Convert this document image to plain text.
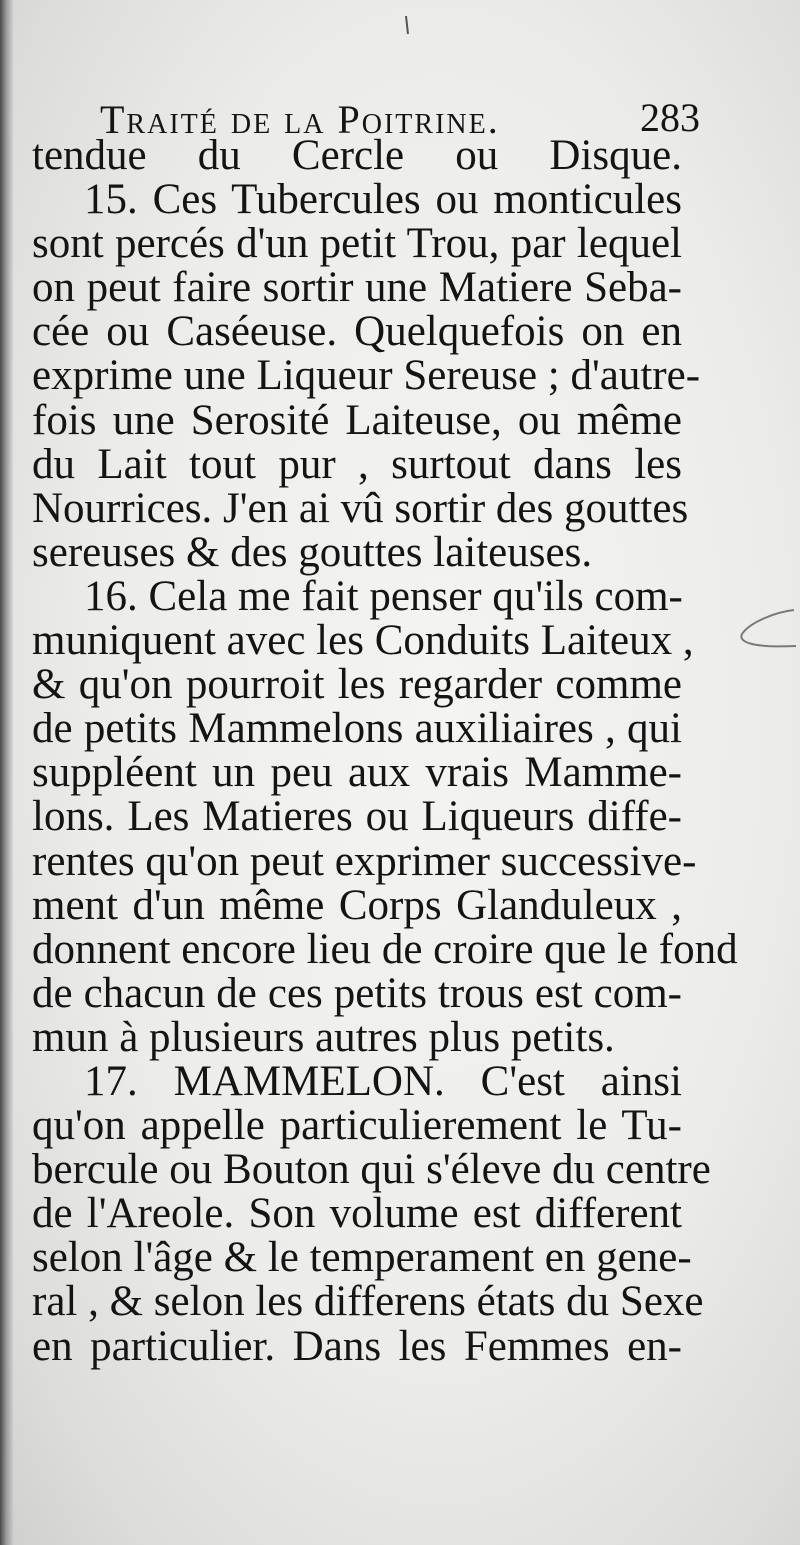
Traité de la Poitrine.	283
tendue du Cercle ou Disque.
15. Ces Tubercules ou monticules
sont percés d'un petit Trou, par lequel
on peut faire sortir une Matiere Seba-
cée ou Caséeuse. Quelquefois on en
exprime une Liqueur Sereuse ; d'autre-
fois une Serosité Laiteuse, ou même
du Lait tout pur , surtout dans les
Nourrices. J'en ai vû sortir des gouttes
sereuses & des gouttes laiteuses.
16. Cela me fait penser qu'ils com-
muniquent avec les Conduits Laiteux ,
& qu'on pourroit les regarder comme
de petits Mammelons auxiliaires , qui
suppléent un peu aux vrais Mamme-
lons. Les Matieres ou Liqueurs diffe-
rentes qu'on peut exprimer successive-
ment d'un même Corps Glanduleux ,
donnent encore lieu de croire que le fond
de chacun de ces petits trous est com-
mun à plusieurs autres plus petits.
17. MAMMELON. C'est ainsi
qu'on appelle particulierement le Tu-
bercule ou Bouton qui s'éleve du centre
de l'Areole. Son volume est different
selon l'âge & le temperament en gene-
ral , & selon les differens états du Sexe
en particulier. Dans les Femmes en-
